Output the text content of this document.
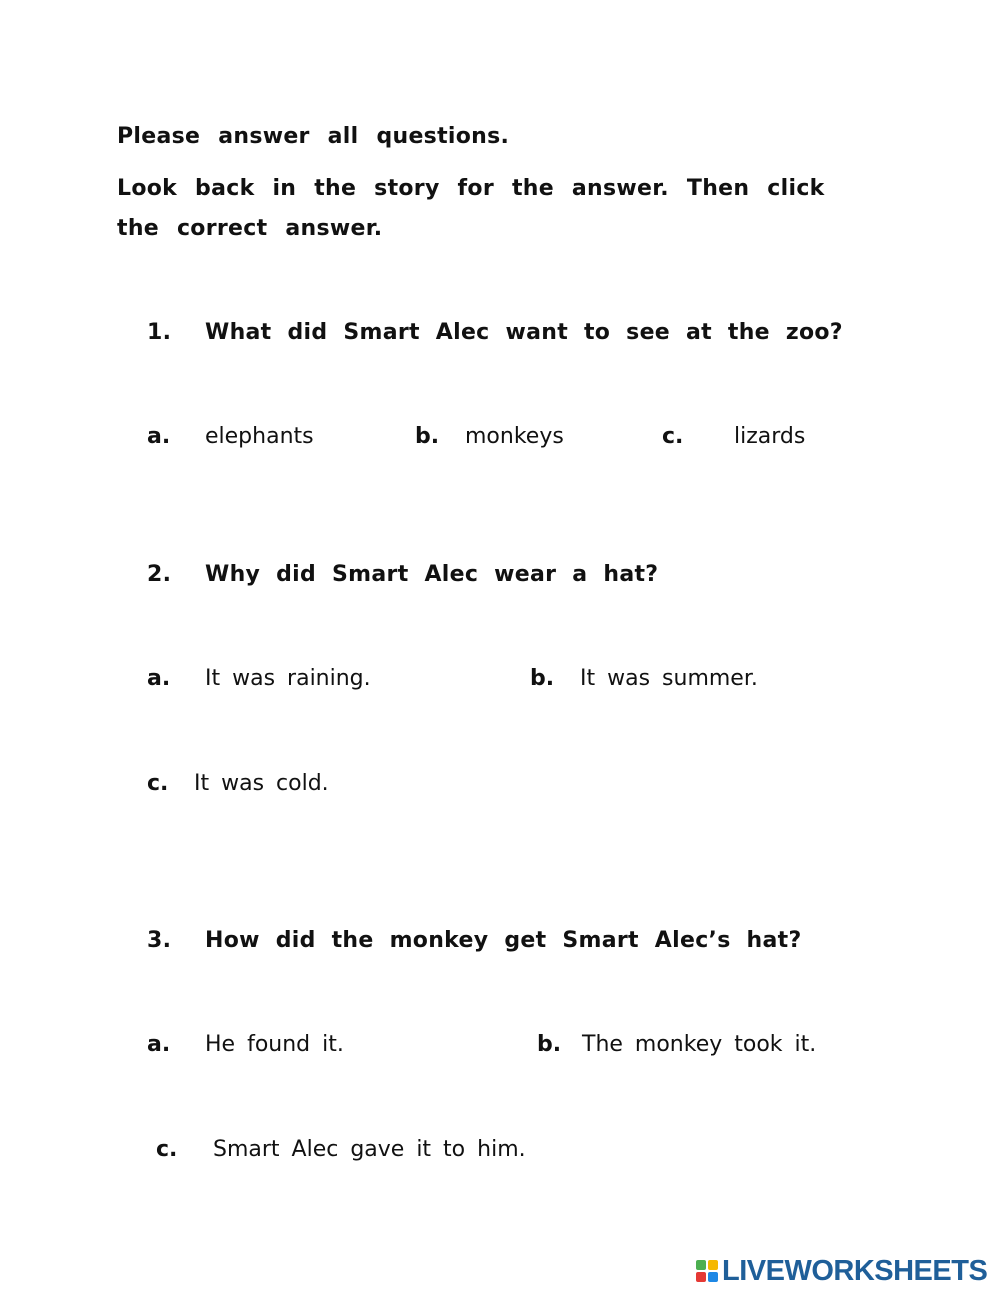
Please answer all questions.
Look back in the story for the answer. Then click
the correct answer.
1. What did Smart Alec want to see at the zoo?
a. elephants	b. monkeys	c. lizards
2. Why did Smart Alec wear a hat?
a. It was raining.	b. It was summer.
c. It was cold.
3. How did the monkey get Smart Alec’s hat?
a. He found it.	b. The monkey took it.
c. Smart Alec gave it to him.
LIVEWORKSHEETS
